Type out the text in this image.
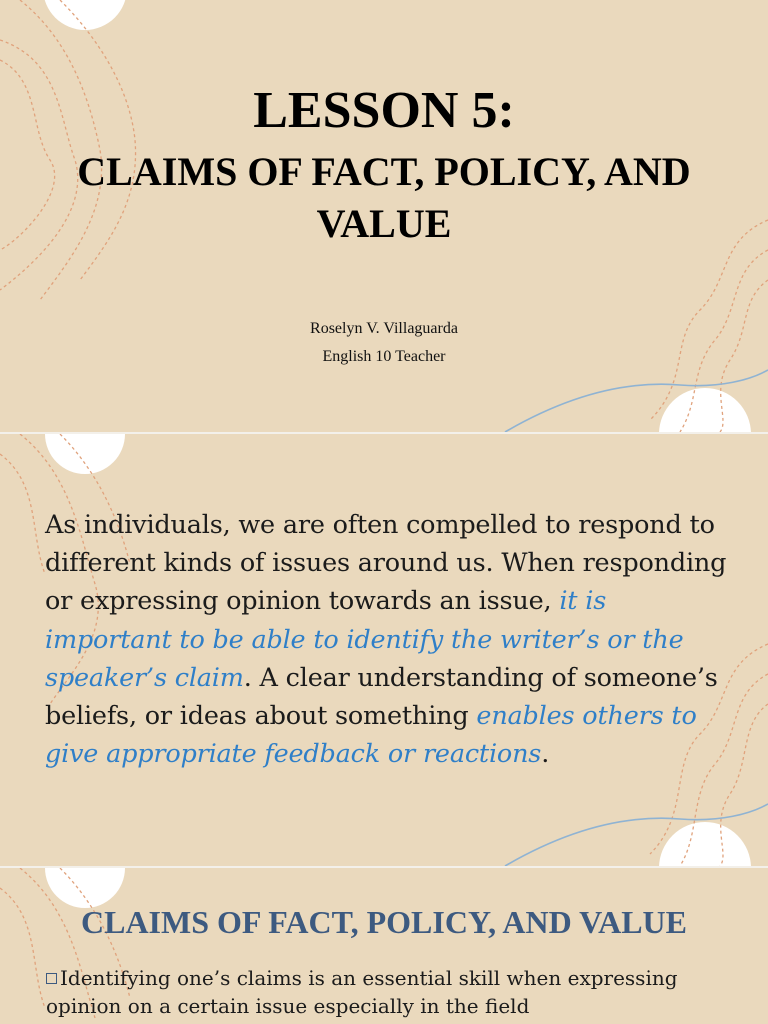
LESSON 5:

CLAIMS OF FACT, POLICY, AND VALUE

Roselyn V. Villaguarda

English 10 Teacher

As individuals, we are often compelled to respond to different kinds of issues around us. When responding or expressing opinion towards an issue, it is important to be able to identify the writer’s or the speaker’s claim. A clear understanding of someone’s beliefs, or ideas about something enables others to give appropriate feedback or reactions.

CLAIMS OF FACT, POLICY, AND VALUE

Identifying one’s claims is an essential skill when expressing opinion on a certain issue especially in the field
